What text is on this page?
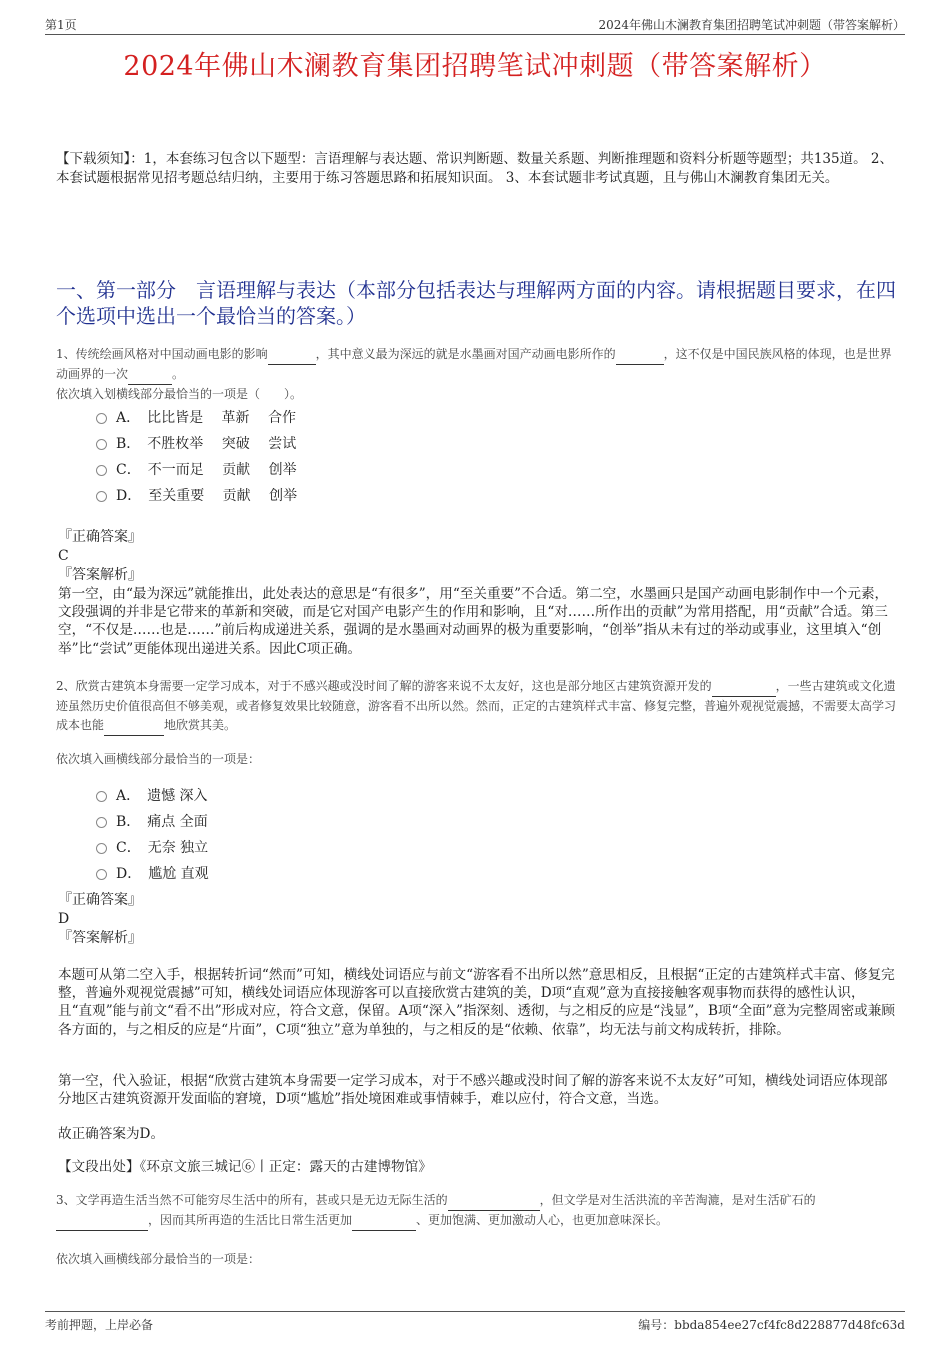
第1页	2024年佛山木澜教育集团招聘笔试冲刺题（带答案解析）
2024年佛山木澜教育集团招聘笔试冲刺题（带答案解析）
【下载须知】：1，本套练习包含以下题型：言语理解与表达题、常识判断题、数量关系题、判断推理题和资料分析题等题型；共135道。 2、本套试题根据常见招考题总结归纳，主要用于练习答题思路和拓展知识面。 3、本套试题非考试真题，且与佛山木澜教育集团无关。
一、第一部分　言语理解与表达（本部分包括表达与理解两方面的内容。请根据题目要求，在四个选项中选出一个最恰当的答案。）
1、传统绘画风格对中国动画电影的影响	，其中意义最为深远的就是水墨画对国产动画电影所作的	，这不仅是中国民族风格的体现，也是世界动画界的一次	。
依次填入划横线部分最恰当的一项是（　　）。
A．　比比皆是　 革新　 合作
B．　不胜枚举　 突破　 尝试
C．　不一而足　 贡献　 创举
D．　至关重要　 贡献　 创举
『正确答案』
C
『答案解析』
第一空，由“最为深远”就能推出，此处表达的意思是“有很多”，用“至关重要”不合适。第二空，水墨画只是国产动画电影制作中一个元素，文段强调的并非是它带来的革新和突破，而是它对国产电影产生的作用和影响，且“对……所作出的贡献”为常用搭配，用“贡献”合适。第三空，“不仅是……也是……”前后构成递进关系，强调的是水墨画对动画界的极为重要影响，“创举”指从未有过的举动或事业，这里填入“创举”比“尝试”更能体现出递进关系。因此C项正确。
2、欣赏古建筑本身需要一定学习成本，对于不感兴趣或没时间了解的游客来说不太友好，这也是部分地区古建筑资源开发的	，一些古建筑或文化遗迹虽然历史价值很高但不够美观，或者修复效果比较随意，游客看不出所以然。然而，正定的古建筑样式丰富、修复完整，普遍外观视觉震撼，不需要太高学习成本也能	地欣赏其美。
依次填入画横线部分最恰当的一项是：
A．　遗憾 深入
B．　痛点 全面
C．　无奈 独立
D．　尴尬 直观
『正确答案』
D
『答案解析』
本题可从第二空入手，根据转折词“然而”可知，横线处词语应与前文“游客看不出所以然”意思相反，且根据“正定的古建筑样式丰富、修复完整，普遍外观视觉震撼”可知，横线处词语应体现游客可以直接欣赏古建筑的美，D项“直观”意为直接接触客观事物而获得的感性认识，且“直观”能与前文“看不出”形成对应，符合文意，保留。A项“深入”指深刻、透彻，与之相反的应是“浅显”，B项“全面”意为完整周密或兼顾各方面的，与之相反的应是“片面”，C项“独立”意为单独的，与之相反的是“依赖、依靠”，均无法与前文构成转折，排除。
第一空，代入验证，根据“欣赏古建筑本身需要一定学习成本，对于不感兴趣或没时间了解的游客来说不太友好”可知，横线处词语应体现部分地区古建筑资源开发面临的窘境，D项“尴尬”指处境困难或事情棘手，难以应付，符合文意，当选。
故正确答案为D。
【文段出处】《环京文旅三城记⑥丨正定：露天的古建博物馆》
3、文学再造生活当然不可能穷尽生活中的所有，甚或只是无边无际生活的	，但文学是对生活洪流的辛苦淘漉，是对生活矿石的 ，因而其所再造的生活比日常生活更加	、更加饱满、更加激动人心，也更加意味深长。
依次填入画横线部分最恰当的一项是：
考前押题，上岸必备	编号：bbda854ee27cf4fc8d228877d48fc63d
